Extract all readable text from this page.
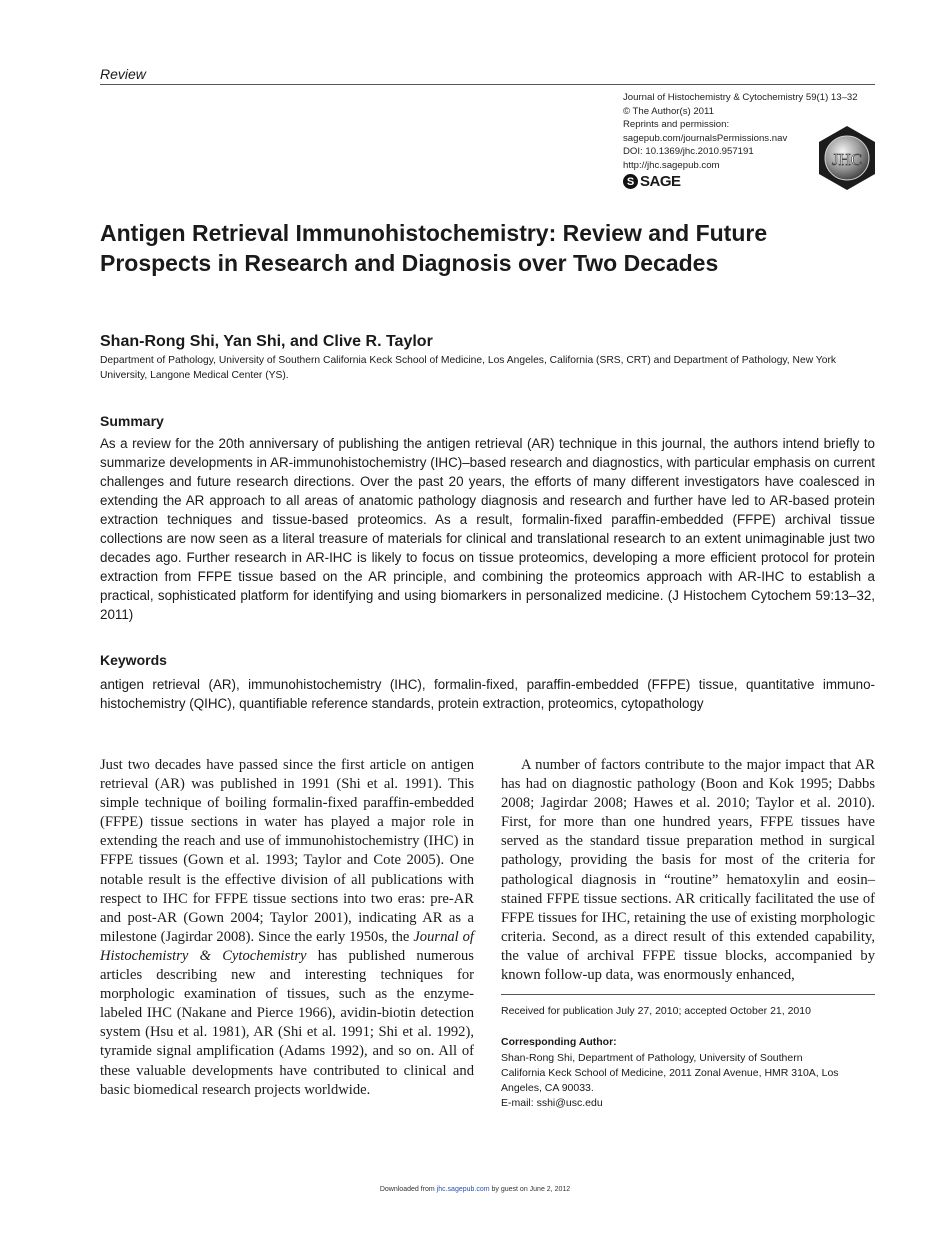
Review
Journal of Histochemistry & Cytochemistry 59(1) 13–32
© The Author(s) 2011
Reprints and permission:
sagepub.com/journalsPermissions.nav
DOI: 10.1369/jhc.2010.957191
http://jhc.sagepub.com
S SAGE
JHC
Antigen Retrieval Immunohistochemistry: Review and Future Prospects in Research and Diagnosis over Two Decades
Shan-Rong Shi, Yan Shi, and Clive R. Taylor
Department of Pathology, University of Southern California Keck School of Medicine, Los Angeles, California (SRS, CRT) and Department of Pathology, New York University, Langone Medical Center (YS).
Summary

As a review for the 20th anniversary of publishing the antigen retrieval (AR) technique in this journal, the authors intend briefly to summarize developments in AR-immunohistochemistry (IHC)–based research and diagnostics, with particular emphasis on current challenges and future research directions. Over the past 20 years, the efforts of many different investigators have coalesced in extending the AR approach to all areas of anatomic pathology diagnosis and research and further have led to AR-based protein extraction techniques and tissue-based proteomics. As a result, formalin-fixed paraffin-embedded (FFPE) archival tissue collections are now seen as a literal treasure of materials for clinical and translational research to an extent unimaginable just two decades ago. Further research in AR-IHC is likely to focus on tissue proteomics, developing a more efficient protocol for protein extraction from FFPE tissue based on the AR principle, and combining the proteomics approach with AR-IHC to establish a practical, sophisticated platform for identifying and using biomarkers in personalized medicine. (J Histochem Cytochem 59:13–32, 2011)

Keywords

antigen retrieval (AR), immunohistochemistry (IHC), formalin-fixed, paraffin-embedded (FFPE) tissue, quantitative immuno-histochemistry (QIHC), quantifiable reference standards, protein extraction, proteomics, cytopathology

Just two decades have passed since the first article on antigen retrieval (AR) was published in 1991 (Shi et al. 1991). This simple technique of boiling formalin-fixed paraffin-embedded (FFPE) tissue sections in water has played a major role in extending the reach and use of immunohistochemistry (IHC) in FFPE tissues (Gown et al. 1993; Taylor and Cote 2005). One notable result is the effective division of all publications with respect to IHC for FFPE tissue sections into two eras: pre-AR and post-AR (Gown 2004; Taylor 2001), indicating AR as a milestone (Jagirdar 2008). Since the early 1950s, the Journal of Histochemistry & Cytochemistry has published numerous articles describing new and interesting techniques for morphologic examination of tissues, such as the enzyme-labeled IHC (Nakane and Pierce 1966), avidin-biotin detection system (Hsu et al. 1981), AR (Shi et al. 1991; Shi et al. 1992), tyramide signal amplification (Adams 1992), and so on. All of these valuable developments have contributed to clinical and basic biomedical research projects worldwide.

A number of factors contribute to the major impact that AR has had on diagnostic pathology (Boon and Kok 1995; Dabbs 2008; Jagirdar 2008; Hawes et al. 2010; Taylor et al. 2010). First, for more than one hundred years, FFPE tissues have served as the standard tissue preparation method in surgical pathology, providing the basis for most of the criteria for pathological diagnosis in “routine” hematoxylin and eosin–stained FFPE tissue sections. AR critically facilitated the use of FFPE tissues for IHC, retaining the use of existing morphologic criteria. Second, as a direct result of this extended capability, the value of archival FFPE tissue blocks, accompanied by known follow-up data, was enormously enhanced,

Received for publication July 27, 2010; accepted October 21, 2010
Corresponding Author:
Shan-Rong Shi, Department of Pathology, University of Southern
California Keck School of Medicine, 2011 Zonal Avenue, HMR 310A, Los
Angeles, CA 90033.
E-mail: sshi@usc.edu
Downloaded from jhc.sagepub.com by guest on June 2, 2012
